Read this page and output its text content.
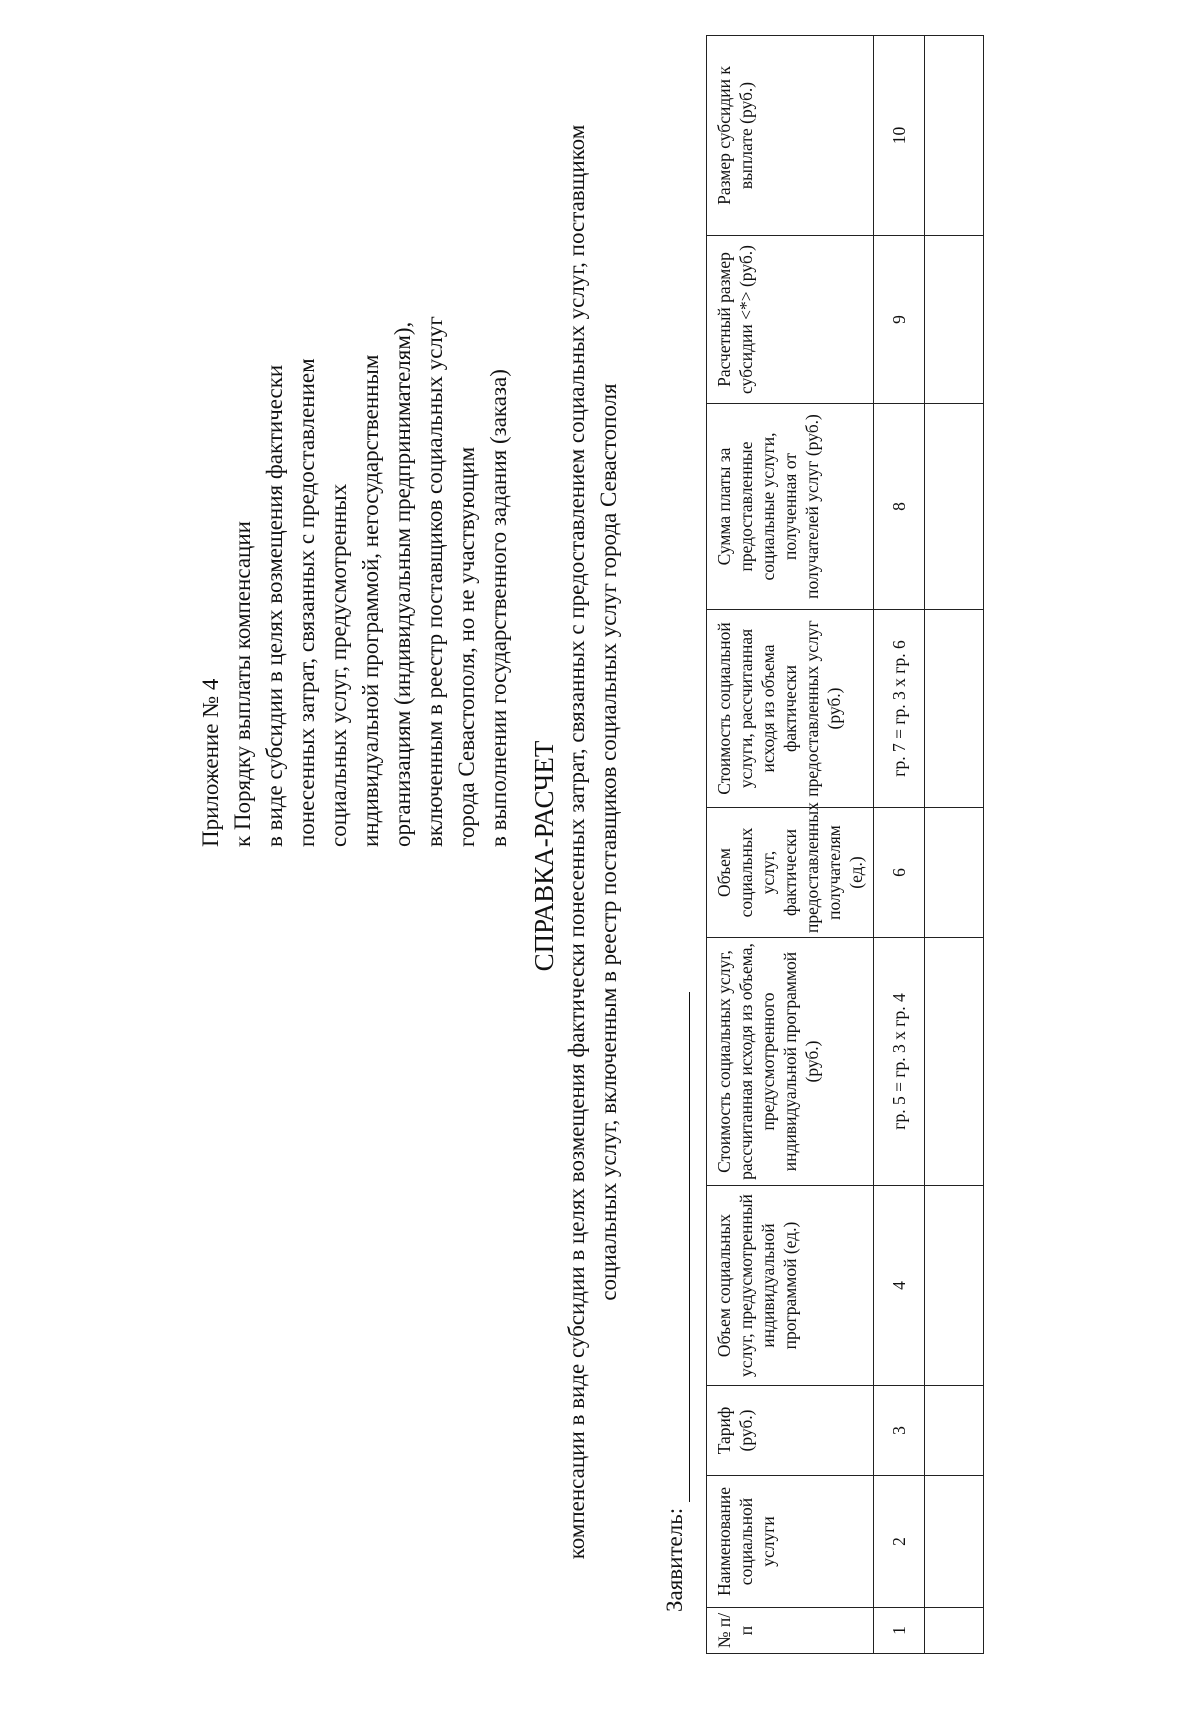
Приложение № 4 к Порядку выплаты компенсации в виде субсидии в целях возмещения фактически понесенных затрат, связанных с предоставлением социальных услуг, предусмотренных индивидуальной программой, негосударственным организациям (индивидуальным предпринимателям), включенным в реестр поставщиков социальных услуг города Севастополя, но не участвующим в выполнении государственного задания (заказа)
СПРАВКА-РАСЧЕТ компенсации в виде субсидии в целях возмещения фактически понесенных затрат, связанных с предоставлением социальных услуг, поставщиком социальных услуг, включенным в реестр поставщиков социальных услуг города Севастополя
Заявитель:
№ п/п	Наименование социальной услуги	Тариф (руб.)	Объем социальных услуг, предусмотренный индивидуальной программой (ед.)	Стоимость социальных услуг, рассчитанная исходя из объема, предусмотренного индивидуальной программой (руб.)	Объем социальных услуг, фактически предоставленных получателям (ед.)	Стоимость социальной услуги, рассчитанная исходя из объема фактически предоставленных услуг (руб.)	Сумма платы за предоставленные социальные услуги, полученная от получателей услуг (руб.)	Расчетный размер субсидии <*> (руб.)	Размер субсидии к выплате (руб.)
1	2	3	4	гр. 5 = гр. 3 х гр. 4	6	гр. 7 = гр. 3 х гр. 6	8	9	10
